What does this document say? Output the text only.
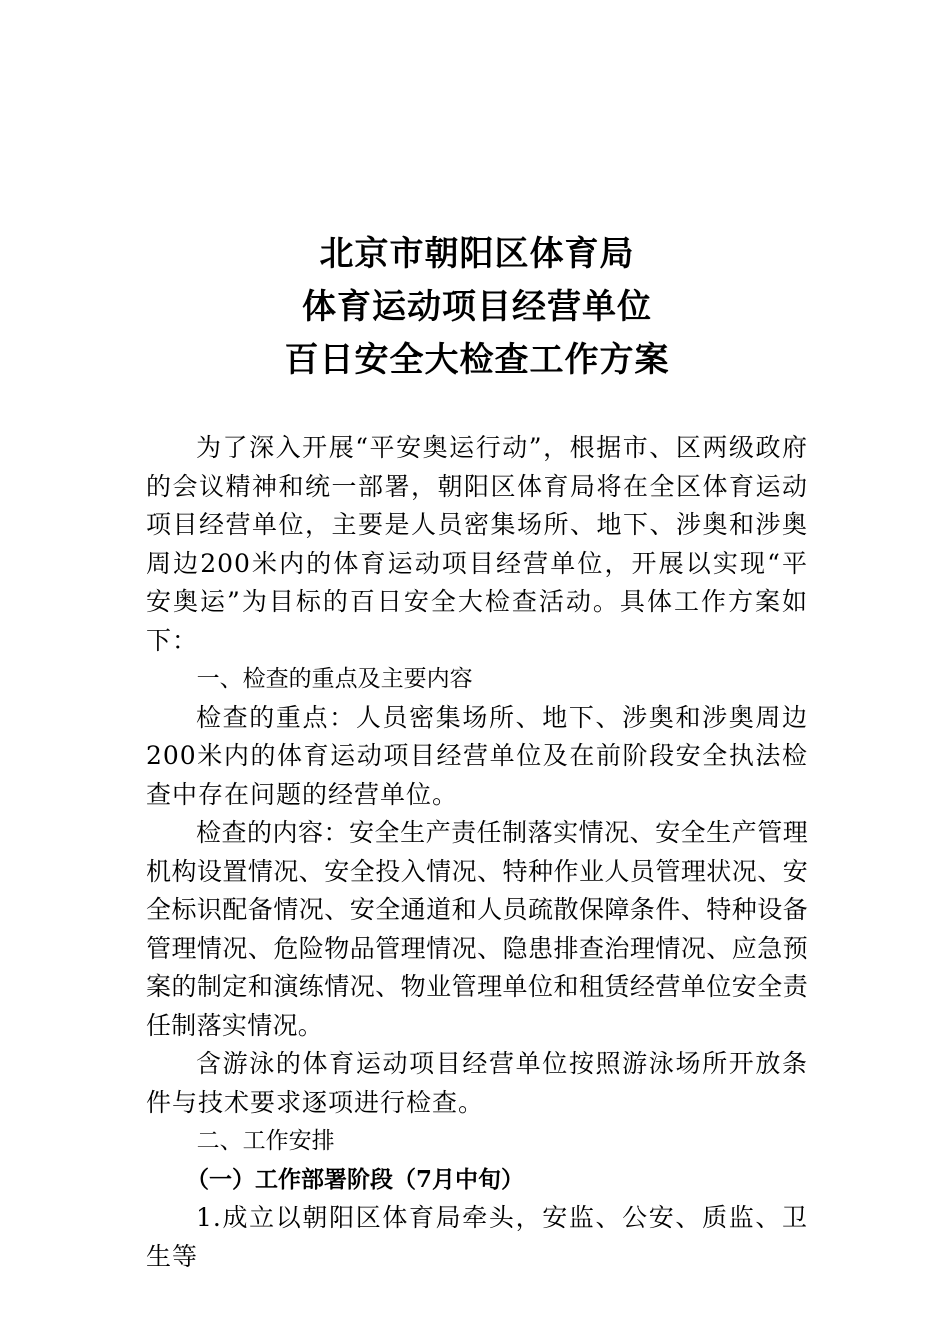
北京市朝阳区体育局
体育运动项目经营单位
百日安全大检查工作方案

为了深入开展“平安奥运行动”，根据市、区两级政府的会议精神和统一部署，朝阳区体育局将在全区体育运动项目经营单位，主要是人员密集场所、地下、涉奥和涉奥周边200米内的体育运动项目经营单位，开展以实现“平安奥运”为目标的百日安全大检查活动。具体工作方案如下：

一、检查的重点及主要内容

检查的重点：人员密集场所、地下、涉奥和涉奥周边200米内的体育运动项目经营单位及在前阶段安全执法检查中存在问题的经营单位。

检查的内容：安全生产责任制落实情况、安全生产管理机构设置情况、安全投入情况、特种作业人员管理状况、安全标识配备情况、安全通道和人员疏散保障条件、特种设备管理情况、危险物品管理情况、隐患排查治理情况、应急预案的制定和演练情况、物业管理单位和租赁经营单位安全责任制落实情况。

含游泳的体育运动项目经营单位按照游泳场所开放条件与技术要求逐项进行检查。

二、工作安排

（一）工作部署阶段（7月中旬）

1.成立以朝阳区体育局牵头，安监、公安、质监、卫生等
